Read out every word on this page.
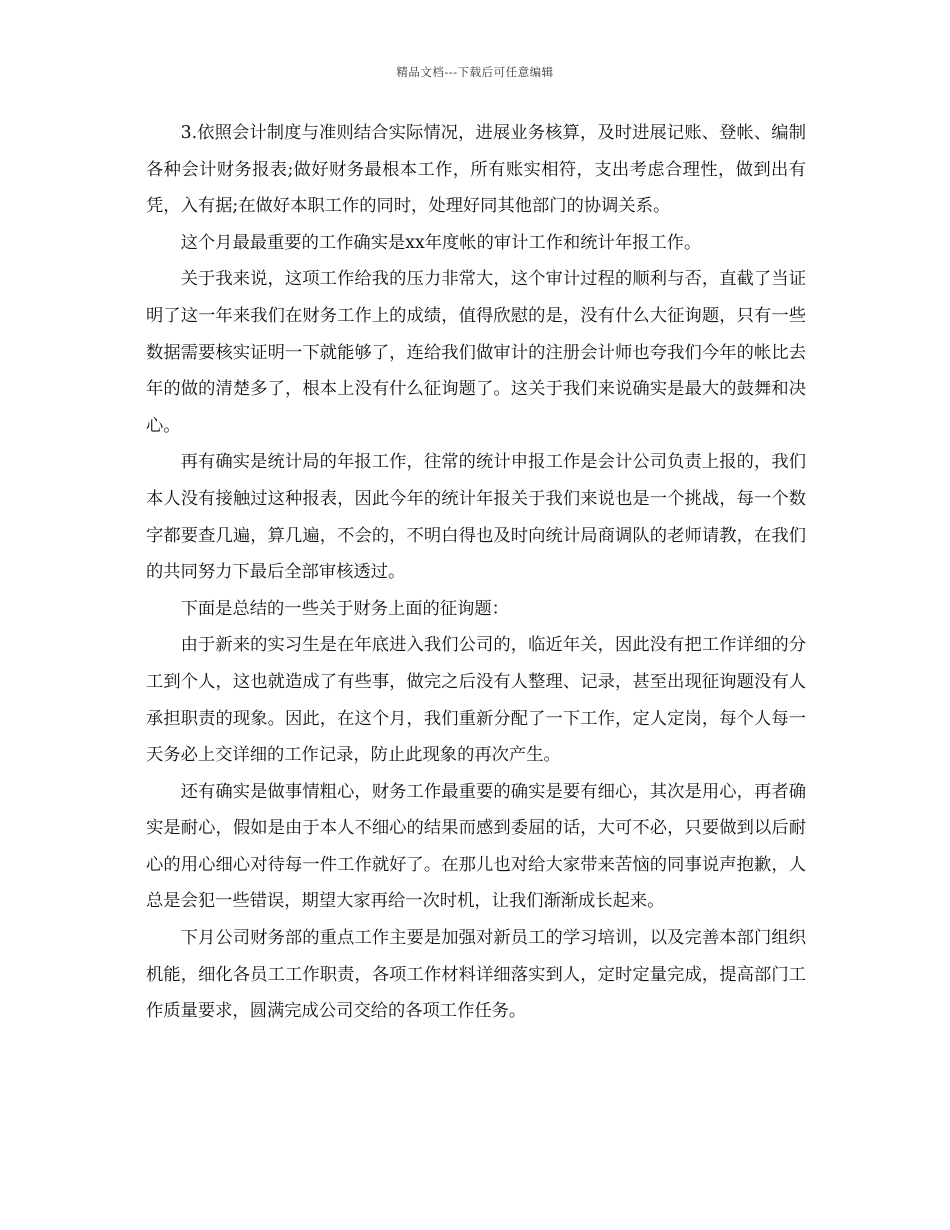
精品文档---下载后可任意编辑

3.依照会计制度与准则结合实际情况，进展业务核算，及时进展记账、登帐、编制各种会计财务报表;做好财务最根本工作，所有账实相符，支出考虑合理性，做到出有凭，入有据;在做好本职工作的同时，处理好同其他部门的协调关系。

这个月最最重要的工作确实是xx年度帐的审计工作和统计年报工作。

关于我来说，这项工作给我的压力非常大，这个审计过程的顺利与否，直截了当证明了这一年来我们在财务工作上的成绩，值得欣慰的是，没有什么大征询题，只有一些数据需要核实证明一下就能够了，连给我们做审计的注册会计师也夸我们今年的帐比去年的做的清楚多了，根本上没有什么征询题了。这关于我们来说确实是最大的鼓舞和决心。

再有确实是统计局的年报工作，往常的统计申报工作是会计公司负责上报的，我们本人没有接触过这种报表，因此今年的统计年报关于我们来说也是一个挑战，每一个数字都要查几遍，算几遍，不会的，不明白得也及时向统计局商调队的老师请教，在我们的共同努力下最后全部审核透过。

下面是总结的一些关于财务上面的征询题：

由于新来的实习生是在年底进入我们公司的，临近年关，因此没有把工作详细的分工到个人，这也就造成了有些事，做完之后没有人整理、记录，甚至出现征询题没有人承担职责的现象。因此，在这个月，我们重新分配了一下工作，定人定岗，每个人每一天务必上交详细的工作记录，防止此现象的再次产生。

还有确实是做事情粗心，财务工作最重要的确实是要有细心，其次是用心，再者确实是耐心，假如是由于本人不细心的结果而感到委屈的话，大可不必，只要做到以后耐心的用心细心对待每一件工作就好了。在那儿也对给大家带来苦恼的同事说声抱歉，人总是会犯一些错误，期望大家再给一次时机，让我们渐渐成长起来。

下月公司财务部的重点工作主要是加强对新员工的学习培训，以及完善本部门组织机能，细化各员工工作职责，各项工作材料详细落实到人，定时定量完成，提高部门工作质量要求，圆满完成公司交给的各项工作任务。
